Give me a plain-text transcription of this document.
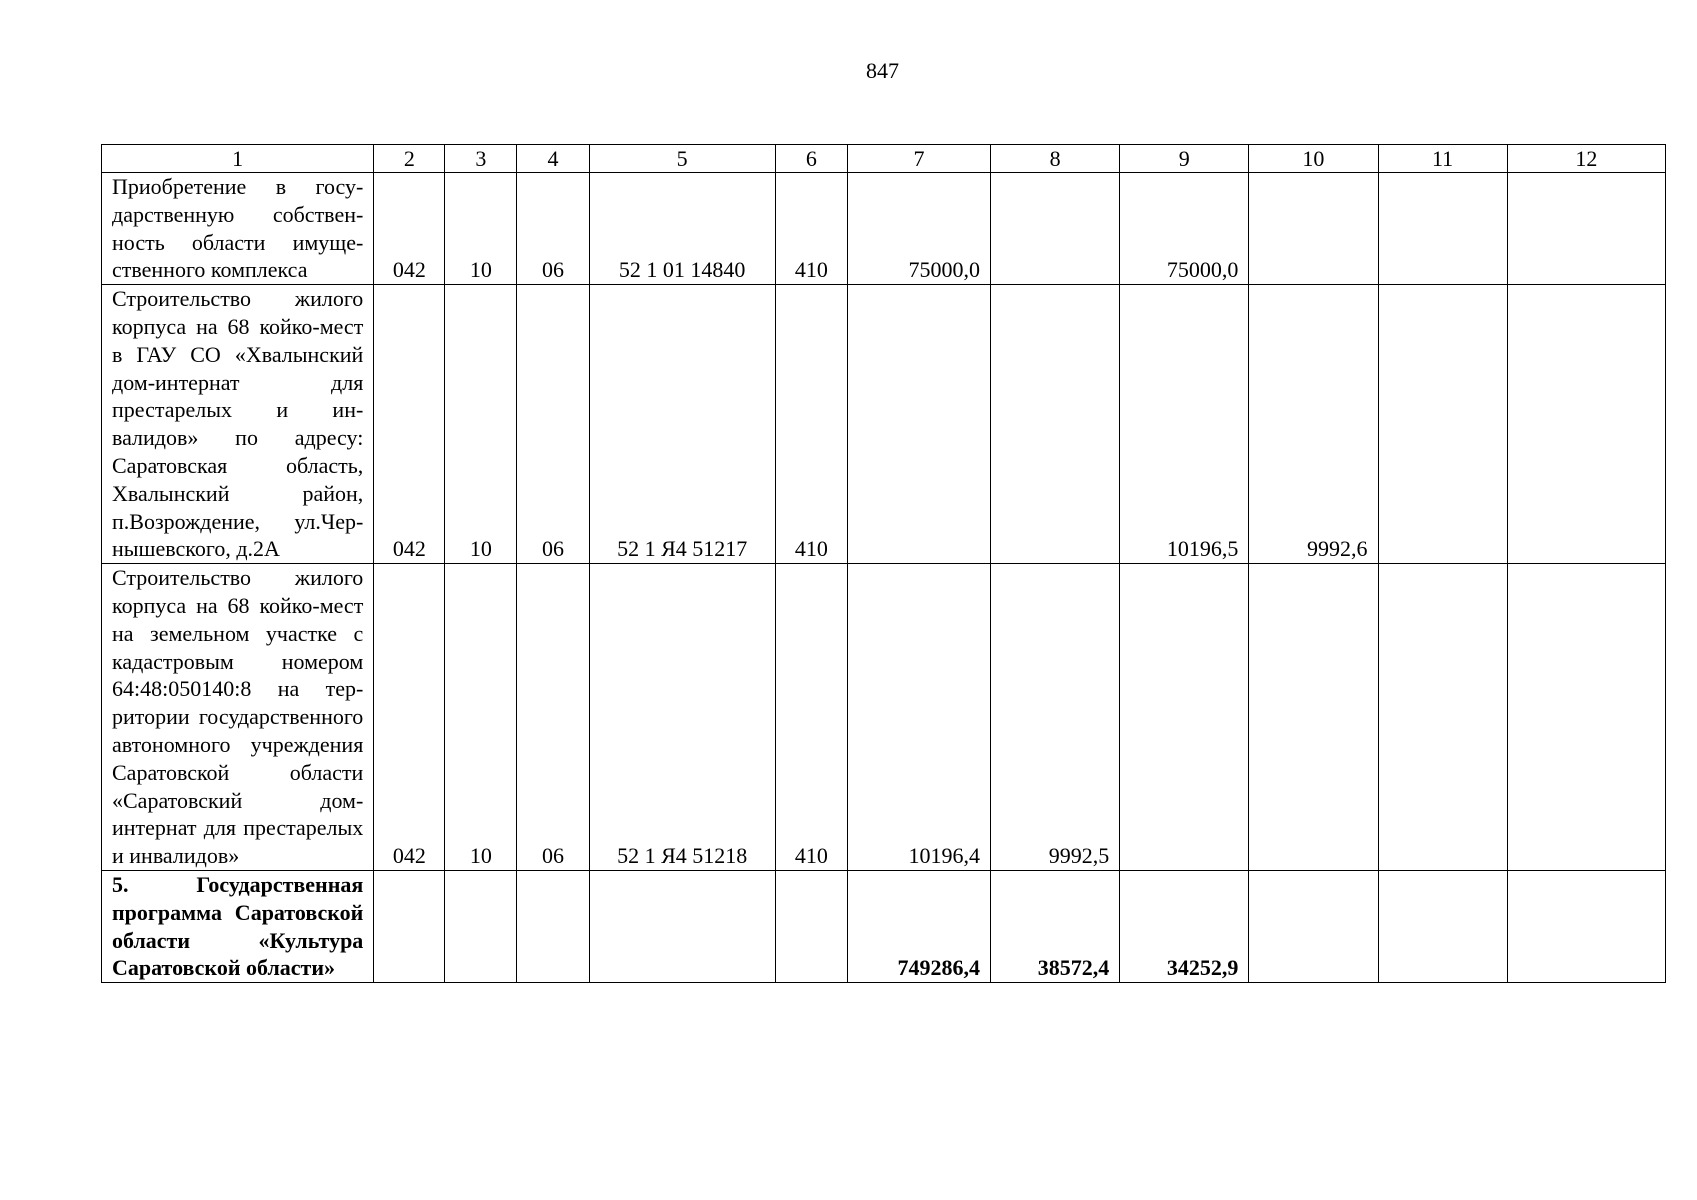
847
1	2	3	4	5	6	7	8	9	10	11	12
Приобретение в государственную собственность области имущественного комплекса	042	10	06	52 1 01 14840	410	75000,0		75000,0			
Строительство жилого корпуса на 68 койко-мест в ГАУ СО «Хвалынский дом-интернат для престарелых и инвалидов» по адресу: Саратовская область, Хвалынский район, п.Возрождение, ул.Чернышевского, д.2А	042	10	06	52 1 Я4 51217	410			10196,5	9992,6		
Строительство жилого корпуса на 68 койко-мест на земельном участке с кадастровым номером 64:48:050140:8 на территории государственного автономного учреждения Саратовской области «Саратовский дом-интернат для престарелых и инвалидов»	042	10	06	52 1 Я4 51218	410	10196,4	9992,5				
5. Государственная программа Саратовской области «Культура Саратовской области»						749286,4	38572,4	34252,9			
